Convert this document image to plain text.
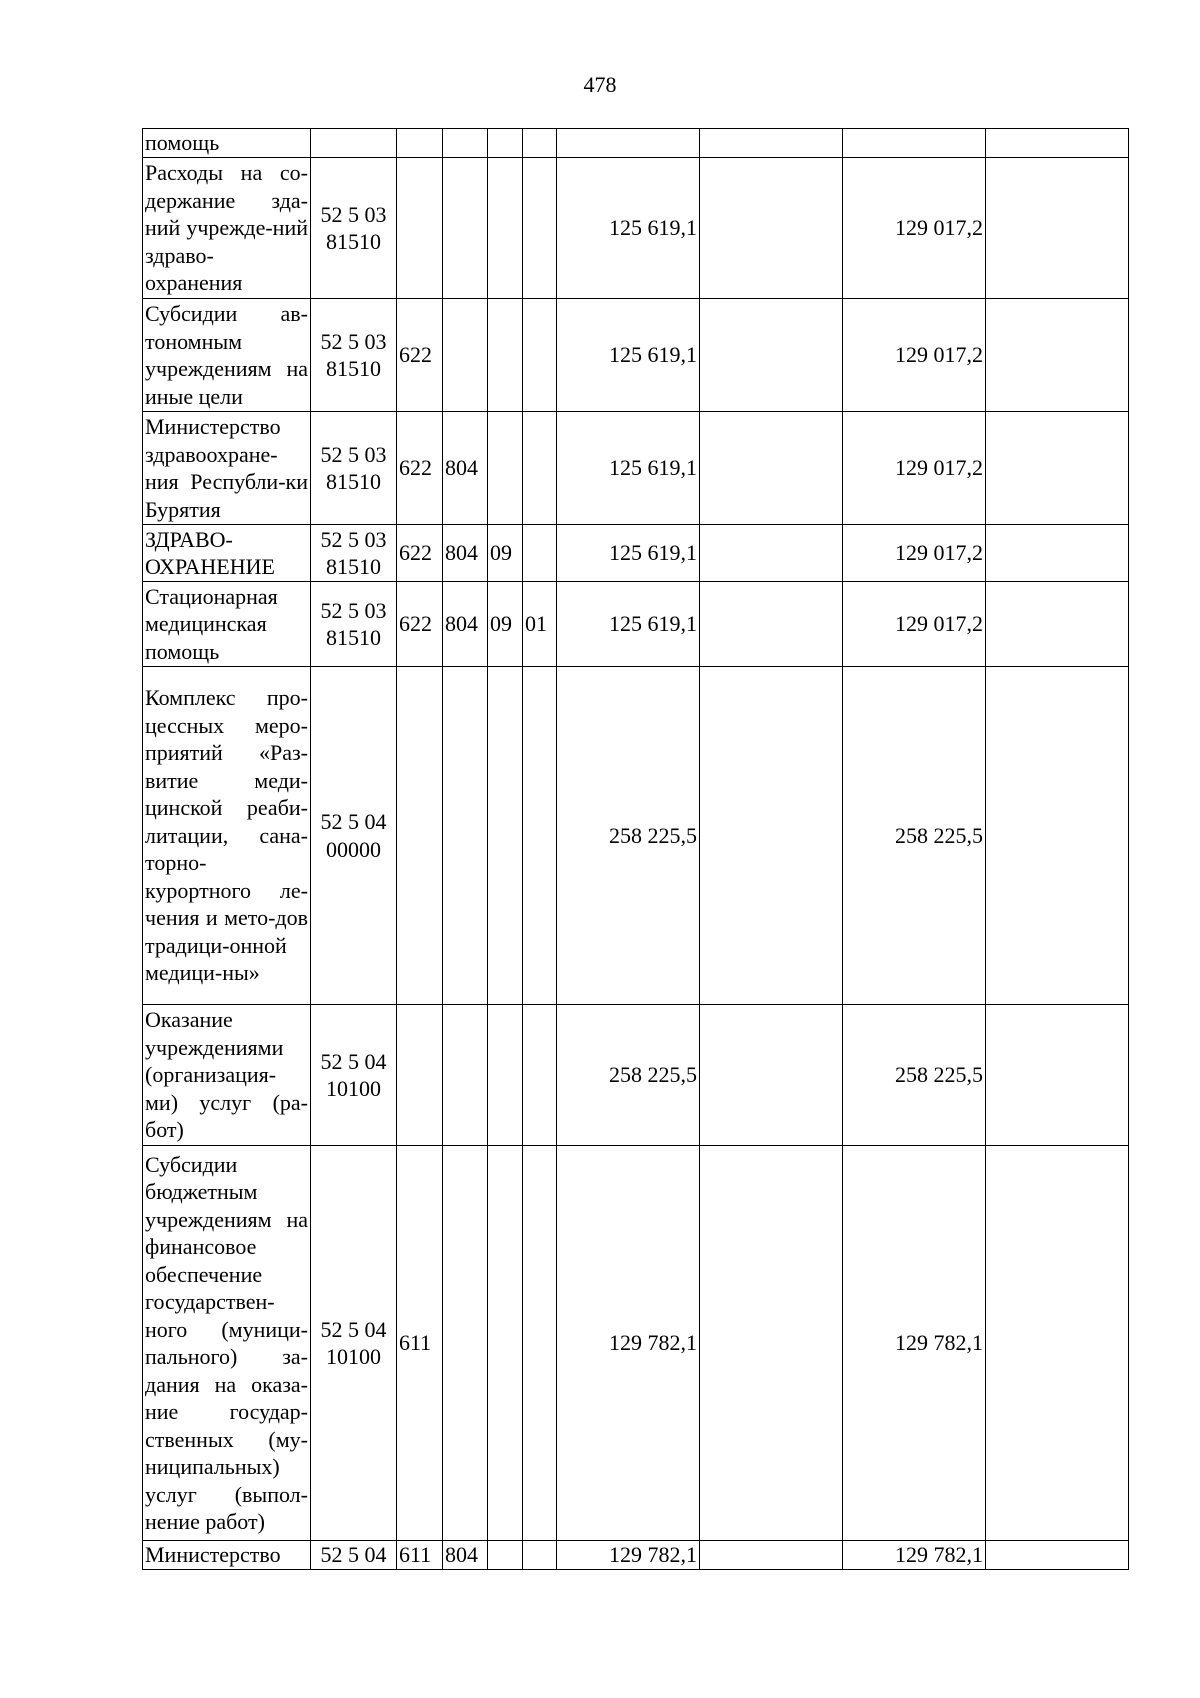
478
помощь									
Расходы на со-держание зда-ний учрежде-ний здраво-охранения	52 5 03 81510					125 619,1		129 017,2	
Субсидии ав-тономным учреждениям на иные цели	52 5 03 81510	622				125 619,1		129 017,2	
Министерство здравоохране-ния Республи-ки Бурятия	52 5 03 81510	622	804			125 619,1		129 017,2	
ЗДРАВО-ОХРАНЕНИЕ	52 5 03 81510	622	804	09		125 619,1		129 017,2	
Стационарная медицинская помощь	52 5 03 81510	622	804	09	01	125 619,1		129 017,2	
Комплекс про-цессных меро-приятий «Раз-витие меди-цинской реаби-литации, сана-торно-курортного ле-чения и мето-дов традици-онной медици-ны»	52 5 04 00000					258 225,5		258 225,5	
Оказание учреждениями (организация-ми) услуг (ра-бот)	52 5 04 10100					258 225,5		258 225,5	
Субсидии бюджетным учреждениям на финансовое обеспечение государствен-ного (муници-пального) за-дания на оказа-ние государ-ственных (му-ниципальных) услуг (выпол-нение работ)	52 5 04 10100	611				129 782,1		129 782,1	
Министерство	52 5 04	611	804			129 782,1		129 782,1	
